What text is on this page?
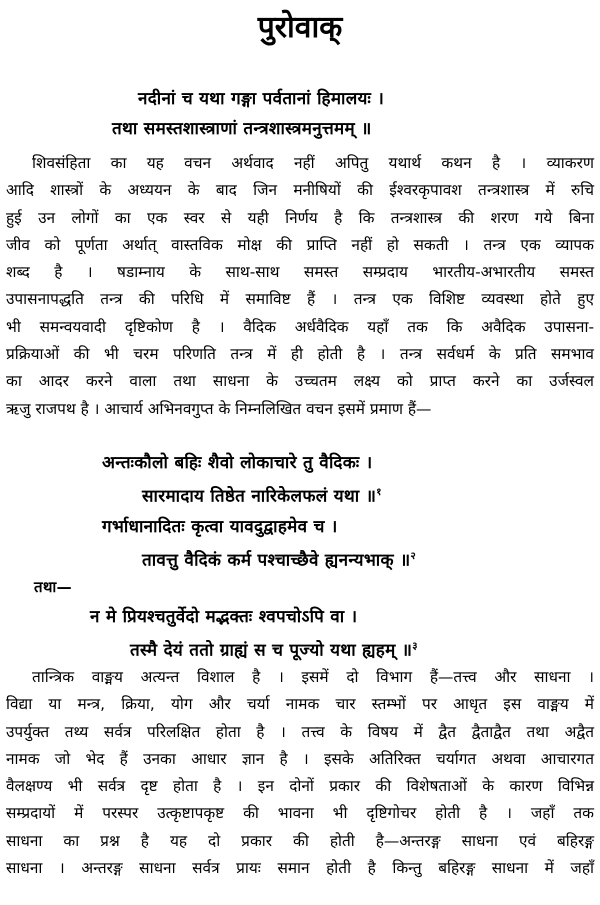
पुरोवाक्
नदीनां च यथा गङ्गा पर्वतानां हिमालयः ।
तथा समस्तशास्त्राणां तन्त्रशास्त्रमनुत्तमम् ॥
शिवसंहिता का यह वचन अर्थवाद नहीं अपितु यथार्थ कथन है । व्याकरण
आदि शास्त्रों के अध्ययन के बाद जिन मनीषियों की ईश्वरकृपावश तन्त्रशास्त्र में रुचि
हुई उन लोगों का एक स्वर से यही निर्णय है कि तन्त्रशास्त्र की शरण गये बिना
जीव को पूर्णता अर्थात् वास्तविक मोक्ष की प्राप्ति नहीं हो सकती । तन्त्र एक व्यापक
शब्द है । षडाम्नाय के साथ-साथ समस्त सम्प्रदाय भारतीय-अभारतीय समस्त
उपासनापद्धति तन्त्र की परिधि में समाविष्ट हैं । तन्त्र एक विशिष्ट व्यवस्था होते हुए
भी समन्वयवादी दृष्टिकोण है । वैदिक अर्धवैदिक यहाँ तक कि अवैदिक उपासना-
प्रक्रियाओं की भी चरम परिणति तन्त्र में ही होती है । तन्त्र सर्वधर्म के प्रति समभाव
का आदर करने वाला तथा साधना के उच्चतम लक्ष्य को प्राप्त करने का उर्जस्वल
ऋजु राजपथ है । आचार्य अभिनवगुप्त के निम्नलिखित वचन इसमें प्रमाण हैं—
अन्तःकौलो बहिः शैवो लोकाचारे तु वैदिकः ।
सारमादाय तिष्ठेत नारिकेलफलं यथा ॥$^१$
गर्भाधानादितः कृत्वा यावदुद्वाहमेव च ।
तावत्तु वैदिकं कर्म पश्चाच्छैवे ह्यनन्यभाक् ॥$^२$
तथा—
न मे प्रियश्चतुर्वेदो मद्भक्तः श्वपचोऽपि वा ।
तस्मै देयं ततो ग्राह्यं स च पूज्यो यथा ह्यहम् ॥$^३$
तान्त्रिक वाङ्मय अत्यन्त विशाल है । इसमें दो विभाग हैं—तत्त्व और साधना ।
विद्या या मन्त्र, क्रिया, योग और चर्या नामक चार स्तम्भों पर आधृत इस वाङ्मय में
उपर्युक्त तथ्य सर्वत्र परिलक्षित होता है । तत्त्व के विषय में द्वैत द्वैताद्वैत तथा अद्वैत
नामक जो भेद हैं उनका आधार ज्ञान है । इसके अतिरिक्त चर्यागत अथवा आचारगत
वैलक्षण्य भी सर्वत्र दृष्ट होता है । इन दोनों प्रकार की विशेषताओं के कारण विभिन्न
सम्प्रदायों में परस्पर उत्कृष्टापकृष्ट की भावना भी दृष्टिगोचर होती है । जहाँ तक
साधना का प्रश्न है यह दो प्रकार की होती है—अन्तरङ्ग साधना एवं बहिरङ्ग
साधना । अन्तरङ्ग साधना सर्वत्र प्रायः समान होती है किन्तु बहिरङ्ग साधना में जहाँ
